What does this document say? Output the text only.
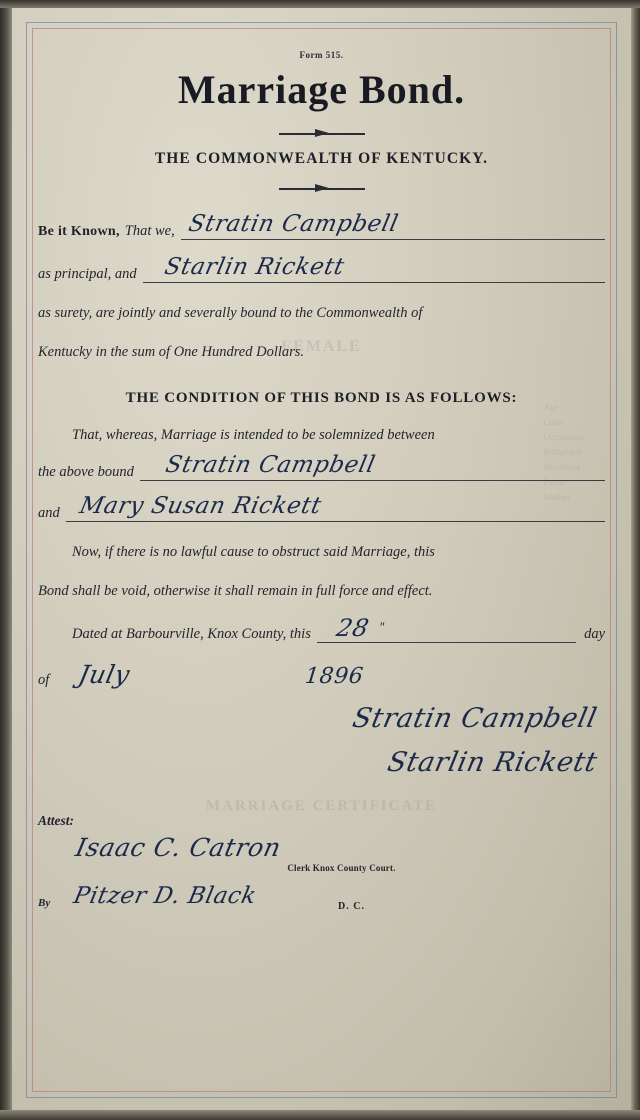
FEMALE
MARRIAGE CERTIFICATE
Age
Color
Occupation
Birthplace
Residence
Father
Mother
Form 515.
Marriage Bond.
THE COMMONWEALTH OF KENTUCKY.
Be it Known, That we, Stratin Campbell
as principal, and Starlin Rickett
as surety, are jointly and severally bound to the Commonwealth of
Kentucky in the sum of One Hundred Dollars.
THE CONDITION OF THIS BOND IS AS FOLLOWS:
That, whereas, Marriage is intended to be solemnized between
the above bound Stratin Campbell
and Mary Susan Rickett
Now, if there is no lawful cause to obstruct said Marriage, this
Bond shall be void, otherwise it shall remain in full force and effect.
Dated at Barbourville, Knox County, this 28 "	day
of July	1896
Stratin Campbell
Starlin Rickett
Attest:
Isaac C. Catron
Clerk Knox County Court.
By Pitzer D. Black	D. C.
